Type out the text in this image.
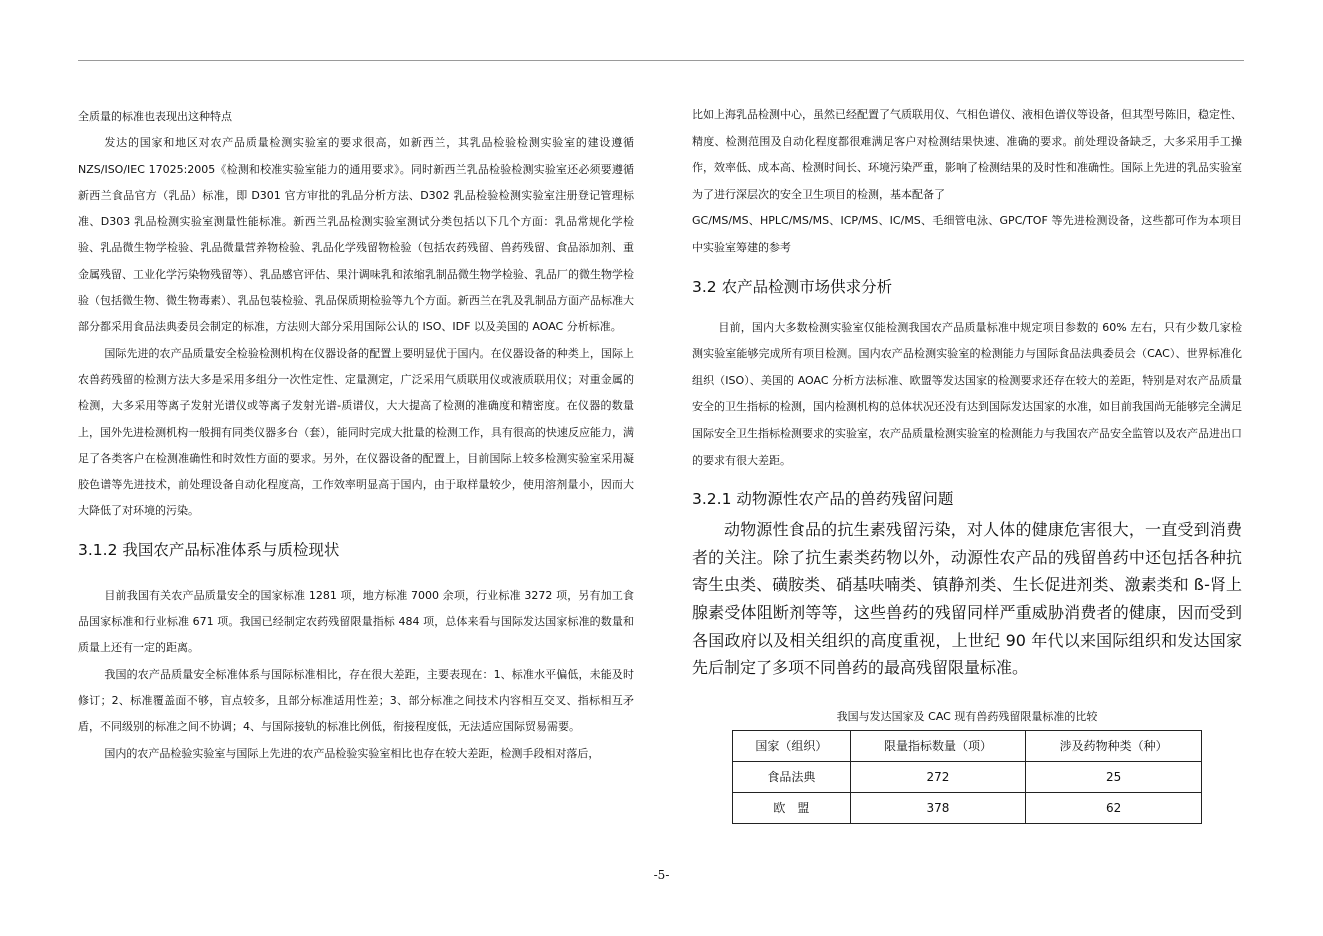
全质量的标准也表现出这种特点

发达的国家和地区对农产品质量检测实验室的要求很高，如新西兰，其乳品检验检测实验室的建设遵循 NZS/ISO/IEC 17025:2005《检测和校准实验室能力的通用要求》。同时新西兰乳品检验检测实验室还必须要遵循新西兰食品官方（乳品）标准，即 D301 官方审批的乳品分析方法、D302 乳品检验检测实验室注册登记管理标准、D303 乳品检测实验室测量性能标准。新西兰乳品检测实验室测试分类包括以下几个方面：乳品常规化学检验、乳品微生物学检验、乳品微量营养物检验、乳品化学残留物检验（包括农药残留、兽药残留、食品添加剂、重金属残留、工业化学污染物残留等）、乳品感官评估、果汁调味乳和浓缩乳制品微生物学检验、乳品厂的微生物学检验（包括微生物、微生物毒素）、乳品包装检验、乳品保质期检验等九个方面。新西兰在乳及乳制品方面产品标准大部分都采用食品法典委员会制定的标准，方法则大部分采用国际公认的 ISO、IDF 以及美国的 AOAC 分析标准。

国际先进的农产品质量安全检验检测机构在仪器设备的配置上要明显优于国内。在仪器设备的种类上，国际上农兽药残留的检测方法大多是采用多组分一次性定性、定量测定，广泛采用气质联用仪或液质联用仪；对重金属的检测，大多采用等离子发射光谱仪或等离子发射光谱-质谱仪，大大提高了检测的准确度和精密度。在仪器的数量上，国外先进检测机构一般拥有同类仪器多台（套），能同时完成大批量的检测工作，具有很高的快速反应能力，满足了各类客户在检测准确性和时效性方面的要求。另外，在仪器设备的配置上，目前国际上较多检测实验室采用凝胶色谱等先进技术，前处理设备自动化程度高，工作效率明显高于国内，由于取样量较少，使用溶剂量小，因而大大降低了对环境的污染。

3.1.2 我国农产品标准体系与质检现状

目前我国有关农产品质量安全的国家标准 1281 项，地方标准 7000 余项，行业标准 3272 项，另有加工食品国家标准和行业标准 671 项。我国已经制定农药残留限量指标 484 项，总体来看与国际发达国家标准的数量和质量上还有一定的距离。

我国的农产品质量安全标准体系与国际标准相比，存在很大差距，主要表现在：1、标准水平偏低，未能及时修订；2、标准覆盖面不够，盲点较多，且部分标准适用性差；3、部分标准之间技术内容相互交叉、指标相互矛盾，不同级别的标准之间不协调；4、与国际接轨的标准比例低，衔接程度低，无法适应国际贸易需要。

国内的农产品检验实验室与国际上先进的农产品检验实验室相比也存在较大差距，检测手段相对落后，

比如上海乳品检测中心，虽然已经配置了气质联用仪、气相色谱仪、液相色谱仪等设备，但其型号陈旧，稳定性、精度、检测范围及自动化程度都很难满足客户对检测结果快速、准确的要求。前处理设备缺乏，大多采用手工操作，效率低、成本高、检测时间长、环境污染严重，影响了检测结果的及时性和准确性。国际上先进的乳品实验室为了进行深层次的安全卫生项目的检测，基本配备了

GC/MS/MS、HPLC/MS/MS、ICP/MS、IC/MS、毛细管电泳、GPC/TOF 等先进检测设备，这些都可作为本项目中实验室筹建的参考

3.2 农产品检测市场供求分析

目前，国内大多数检测实验室仅能检测我国农产品质量标准中规定项目参数的 60% 左右，只有少数几家检测实验室能够完成所有项目检测。国内农产品检测实验室的检测能力与国际食品法典委员会（CAC）、世界标准化组织（ISO）、美国的 AOAC 分析方法标准、欧盟等发达国家的检测要求还存在较大的差距，特别是对农产品质量安全的卫生指标的检测，国内检测机构的总体状况还没有达到国际发达国家的水准，如目前我国尚无能够完全满足国际安全卫生指标检测要求的实验室，农产品质量检测实验室的检测能力与我国农产品安全监管以及农产品进出口的要求有很大差距。

3.2.1 动物源性农产品的兽药残留问题

动物源性食品的抗生素残留污染，对人体的健康危害很大，一直受到消费者的关注。除了抗生素类药物以外，动源性农产品的残留兽药中还包括各种抗寄生虫类、磺胺类、硝基呋喃类、镇静剂类、生长促进剂类、激素类和 ß-肾上腺素受体阻断剂等等，这些兽药的残留同样严重威胁消费者的健康，因而受到各国政府以及相关组织的高度重视，上世纪 90 年代以来国际组织和发达国家先后制定了多项不同兽药的最高残留限量标准。

我国与发达国家及 CAC 现有兽药残留限量标准的比较
国家（组织）	限量指标数量（项）	涉及药物种类（种）
食品法典	272	25
欧　盟	378	62
-5-
